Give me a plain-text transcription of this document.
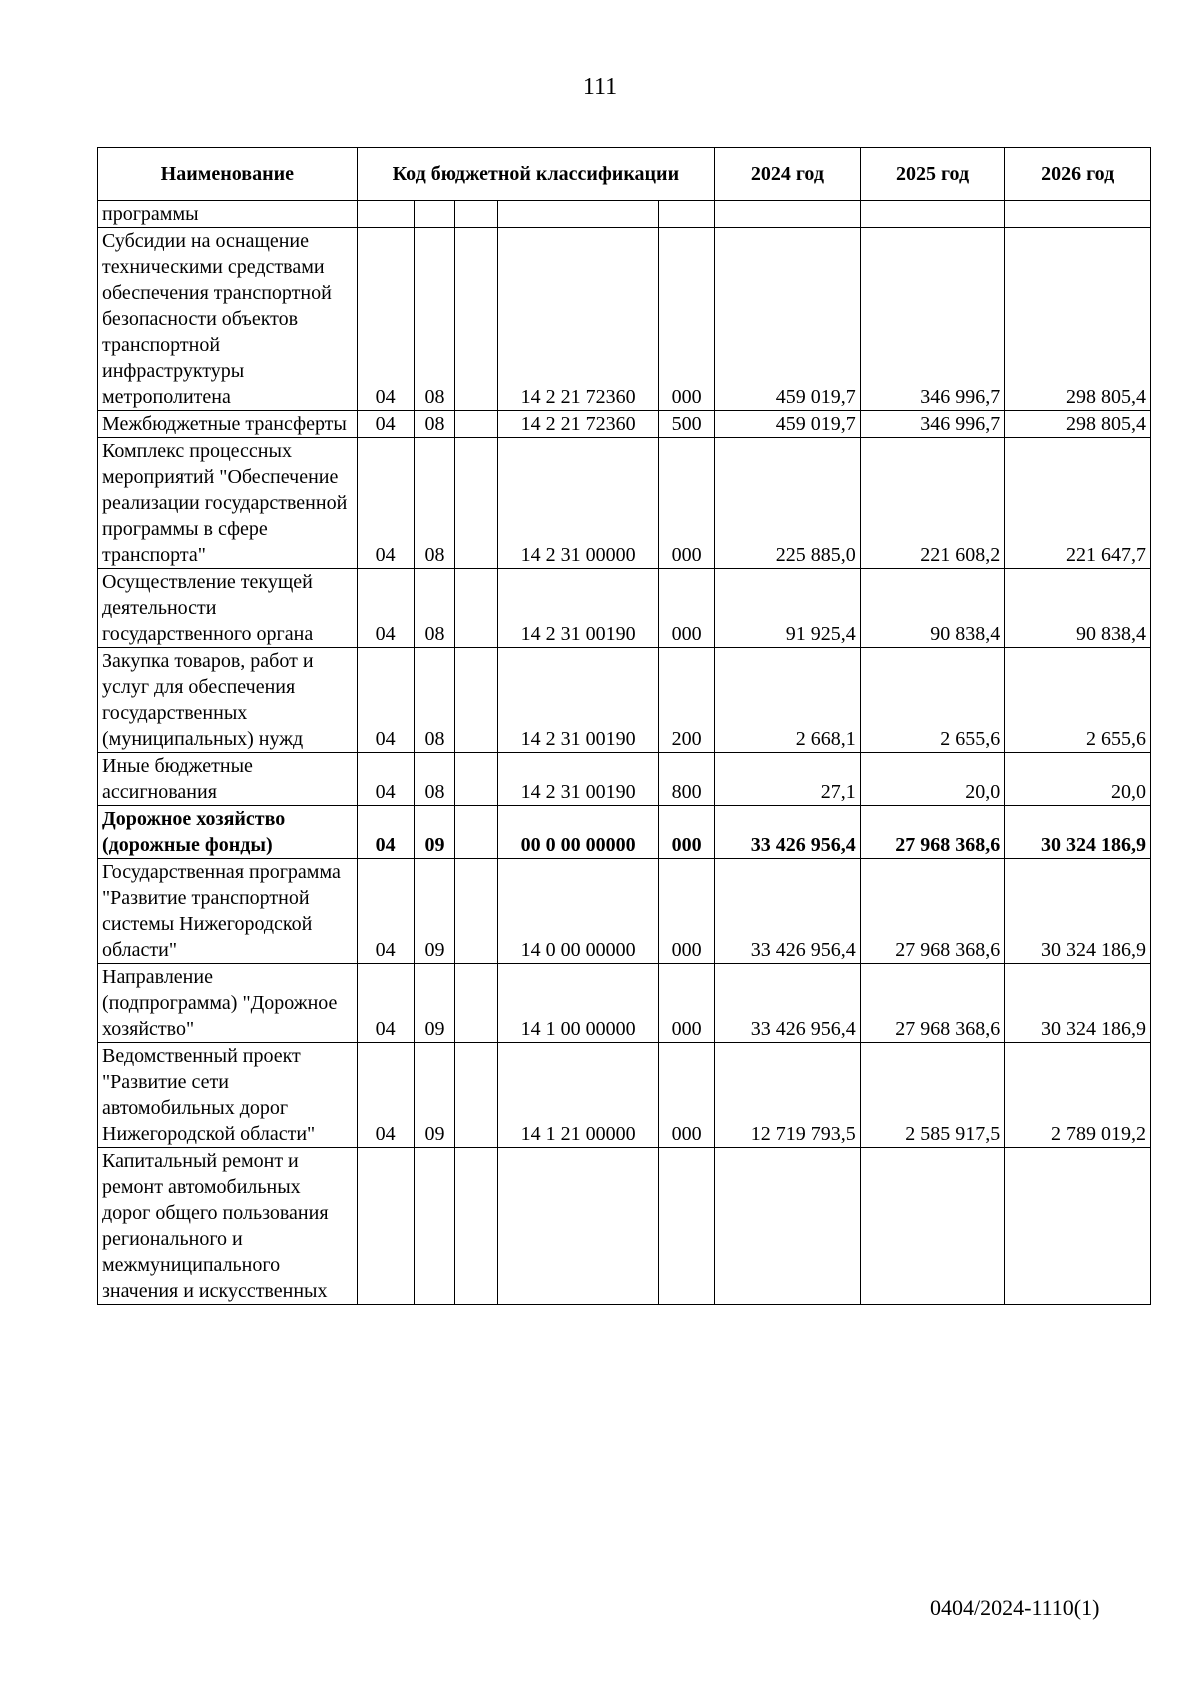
111
Наименование	Код бюджетной классификации					2024 год	2025 год	2026 год
программы								
Субсидии на оснащение техническими средствами обеспечения транспортной безопасности объектов транспортной инфраструктуры метрополитена	04	08		14 2 21 72360	000	459 019,7	346 996,7	298 805,4
Межбюджетные трансферты	04	08		14 2 21 72360	500	459 019,7	346 996,7	298 805,4
Комплекс процессных мероприятий "Обеспечение реализации государственной программы в сфере транспорта"	04	08		14 2 31 00000	000	225 885,0	221 608,2	221 647,7
Осуществление текущей деятельности государственного органа	04	08		14 2 31 00190	000	91 925,4	90 838,4	90 838,4
Закупка товаров, работ и услуг для обеспечения государственных (муниципальных) нужд	04	08		14 2 31 00190	200	2 668,1	2 655,6	2 655,6
Иные бюджетные ассигнования	04	08		14 2 31 00190	800	27,1	20,0	20,0
Дорожное хозяйство (дорожные фонды)	04	09		00 0 00 00000	000	33 426 956,4	27 968 368,6	30 324 186,9
Государственная программа "Развитие транспортной системы Нижегородской области"	04	09		14 0 00 00000	000	33 426 956,4	27 968 368,6	30 324 186,9
Направление (подпрограмма) "Дорожное хозяйство"	04	09		14 1 00 00000	000	33 426 956,4	27 968 368,6	30 324 186,9
Ведомственный проект "Развитие сети автомобильных дорог Нижегородской области"	04	09		14 1 21 00000	000	12 719 793,5	2 585 917,5	2 789 019,2
Капитальный ремонт и ремонт автомобильных дорог общего пользования регионального и межмуниципального значения и искусственных								
0404/2024-1110(1)
